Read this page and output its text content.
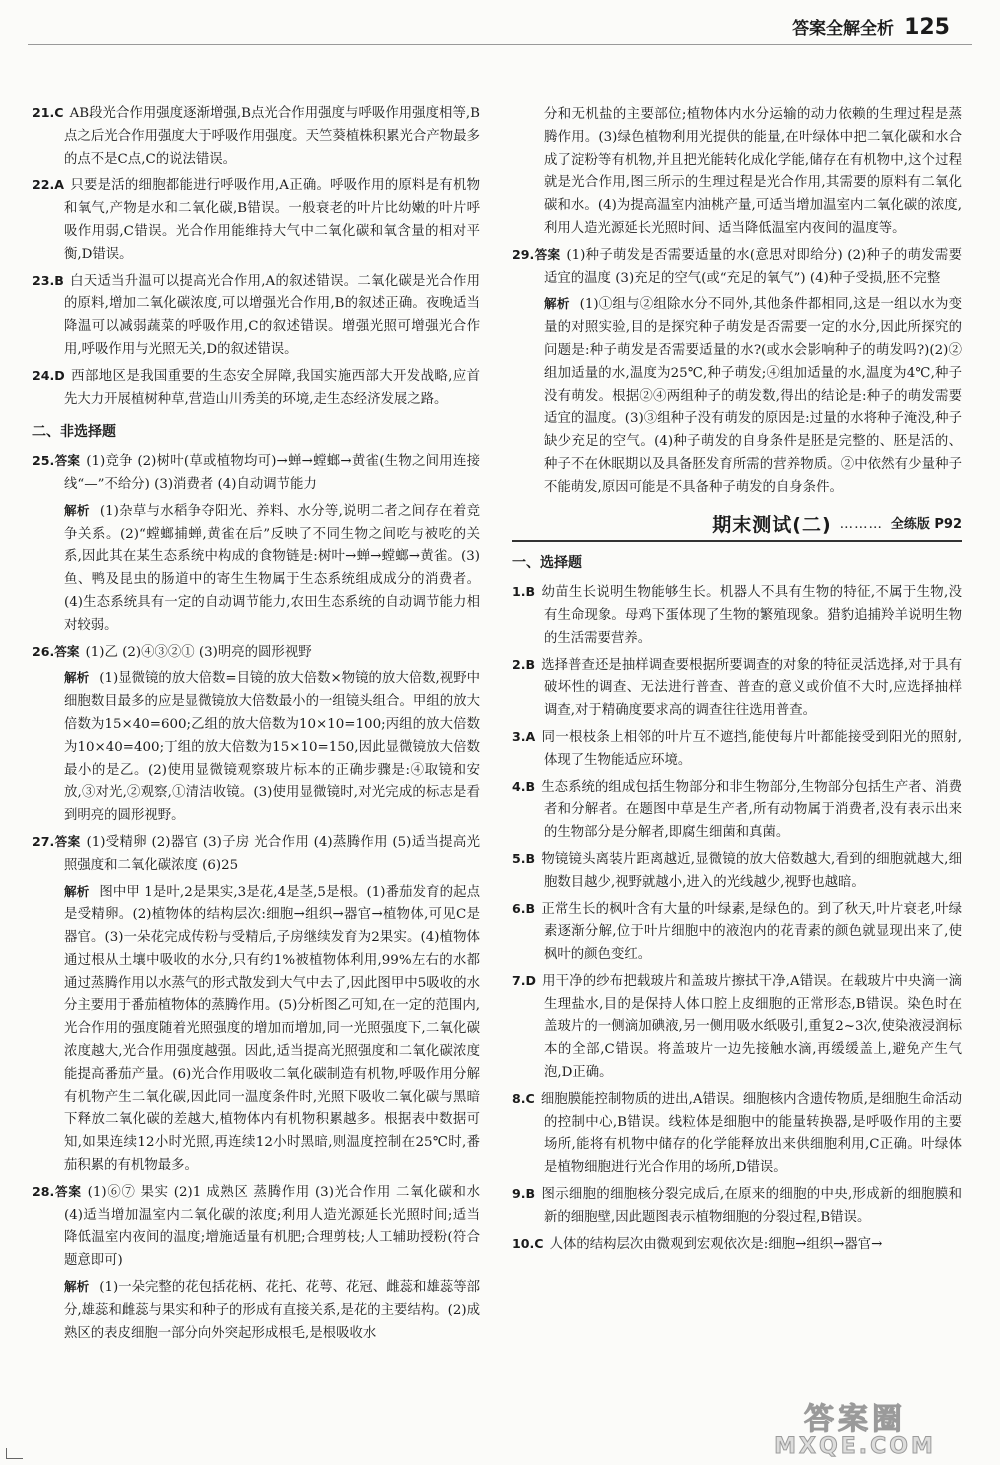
答案全解全析 125

21.C AB段光合作用强度逐渐增强,B点光合作用强度与呼吸作用强度相等,B点之后光合作用强度大于呼吸作用强度。天竺葵植株积累光合产物最多的点不是C点,C的说法错误。

22.A 只要是活的细胞都能进行呼吸作用,A正确。呼吸作用的原料是有机物和氧气,产物是水和二氧化碳,B错误。一般衰老的叶片比幼嫩的叶片呼吸作用弱,C错误。光合作用能维持大气中二氧化碳和氧含量的相对平衡,D错误。

23.B 白天适当升温可以提高光合作用,A的叙述错误。二氧化碳是光合作用的原料,增加二氧化碳浓度,可以增强光合作用,B的叙述正确。夜晚适当降温可以减弱蔬菜的呼吸作用,C的叙述错误。增强光照可增强光合作用,呼吸作用与光照无关,D的叙述错误。

24.D 西部地区是我国重要的生态安全屏障,我国实施西部大开发战略,应首先大力开展植树种草,营造山川秀美的环境,走生态经济发展之路。

二、非选择题

25.答案 (1)竞争 (2)树叶(草或植物均可)→蝉→螳螂→黄雀(生物之间用连接线“—”不给分) (3)消费者 (4)自动调节能力

解析 (1)杂草与水稻争夺阳光、养料、水分等,说明二者之间存在着竞争关系。(2)“螳螂捕蝉,黄雀在后”反映了不同生物之间吃与被吃的关系,因此其在某生态系统中构成的食物链是:树叶→蝉→螳螂→黄雀。(3)鱼、鸭及昆虫的肠道中的寄生生物属于生态系统组成成分的消费者。(4)生态系统具有一定的自动调节能力,农田生态系统的自动调节能力相对较弱。

26.答案 (1)乙 (2)④③②① (3)明亮的圆形视野

解析 (1)显微镜的放大倍数=目镜的放大倍数×物镜的放大倍数,视野中细胞数目最多的应是显微镜放大倍数最小的一组镜头组合。甲组的放大倍数为15×40=600;乙组的放大倍数为10×10=100;丙组的放大倍数为10×40=400;丁组的放大倍数为15×10=150,因此显微镜放大倍数最小的是乙。(2)使用显微镜观察玻片标本的正确步骤是:④取镜和安放,③对光,②观察,①清洁收镜。(3)使用显微镜时,对光完成的标志是看到明亮的圆形视野。

27.答案 (1)受精卵 (2)器官 (3)子房 光合作用 (4)蒸腾作用 (5)适当提高光照强度和二氧化碳浓度 (6)25

解析 图中甲 1是叶,2是果实,3是花,4是茎,5是根。(1)番茄发育的起点是受精卵。(2)植物体的结构层次:细胞→组织→器官→植物体,可见C是器官。(3)一朵花完成传粉与受精后,子房继续发育为2果实。(4)植物体通过根从土壤中吸收的水分,只有约1%被植物体利用,99%左右的水都通过蒸腾作用以水蒸气的形式散发到大气中去了,因此图甲中5吸收的水分主要用于番茄植物体的蒸腾作用。(5)分析图乙可知,在一定的范围内,光合作用的强度随着光照强度的增加而增加,同一光照强度下,二氧化碳浓度越大,光合作用强度越强。因此,适当提高光照强度和二氧化碳浓度能提高番茄产量。(6)光合作用吸收二氧化碳制造有机物,呼吸作用分解有机物产生二氧化碳,因此同一温度条件时,光照下吸收二氧化碳与黑暗下释放二氧化碳的差越大,植物体内有机物积累越多。根据表中数据可知,如果连续12小时光照,再连续12小时黑暗,则温度控制在25℃时,番茄积累的有机物最多。

28.答案 (1)⑥⑦ 果实 (2)1 成熟区 蒸腾作用 (3)光合作用 二氧化碳和水 (4)适当增加温室内二氧化碳的浓度;利用人造光源延长光照时间;适当降低温室内夜间的温度;增施适量有机肥;合理剪枝;人工辅助授粉(符合题意即可)

解析 (1)一朵完整的花包括花柄、花托、花萼、花冠、雌蕊和雄蕊等部分,雄蕊和雌蕊与果实和种子的形成有直接关系,是花的主要结构。(2)成熟区的表皮细胞一部分向外突起形成根毛,是根吸收水

分和无机盐的主要部位;植物体内水分运输的动力依赖的生理过程是蒸腾作用。(3)绿色植物利用光提供的能量,在叶绿体中把二氧化碳和水合成了淀粉等有机物,并且把光能转化成化学能,储存在有机物中,这个过程就是光合作用,图三所示的生理过程是光合作用,其需要的原料有二氧化碳和水。(4)为提高温室内油桃产量,可适当增加温室内二氧化碳的浓度,利用人造光源延长光照时间、适当降低温室内夜间的温度等。

29.答案 (1)种子萌发是否需要适量的水(意思对即给分) (2)种子的萌发需要适宜的温度 (3)充足的空气(或“充足的氧气”) (4)种子受损,胚不完整

解析 (1)①组与②组除水分不同外,其他条件都相同,这是一组以水为变量的对照实验,目的是探究种子萌发是否需要一定的水分,因此所探究的问题是:种子萌发是否需要适量的水?(或水会影响种子的萌发吗?)(2)②组加适量的水,温度为25℃,种子萌发;④组加适量的水,温度为4℃,种子没有萌发。根据②④两组种子的萌发数,得出的结论是:种子的萌发需要适宜的温度。(3)③组种子没有萌发的原因是:过量的水将种子淹没,种子缺少充足的空气。(4)种子萌发的自身条件是胚是完整的、胚是活的、种子不在休眠期以及具备胚发育所需的营养物质。②中依然有少量种子不能萌发,原因可能是不具备种子萌发的自身条件。

期末测试(二) ……… 全练版 P92
一、选择题

1.B 幼苗生长说明生物能够生长。机器人不具有生物的特征,不属于生物,没有生命现象。母鸡下蛋体现了生物的繁殖现象。猎豹追捕羚羊说明生物的生活需要营养。

2.B 选择普查还是抽样调查要根据所要调查的对象的特征灵活选择,对于具有破坏性的调查、无法进行普查、普查的意义或价值不大时,应选择抽样调查,对于精确度要求高的调查往往选用普查。

3.A 同一根枝条上相邻的叶片互不遮挡,能使每片叶都能接受到阳光的照射,体现了生物能适应环境。

4.B 生态系统的组成包括生物部分和非生物部分,生物部分包括生产者、消费者和分解者。在题图中草是生产者,所有动物属于消费者,没有表示出来的生物部分是分解者,即腐生细菌和真菌。

5.B 物镜镜头离装片距离越近,显微镜的放大倍数越大,看到的细胞就越大,细胞数目越少,视野就越小,进入的光线越少,视野也越暗。

6.B 正常生长的枫叶含有大量的叶绿素,是绿色的。到了秋天,叶片衰老,叶绿素逐渐分解,位于叶片细胞中的液泡内的花青素的颜色就显现出来了,使枫叶的颜色变红。

7.D 用干净的纱布把载玻片和盖玻片擦拭干净,A错误。在载玻片中央滴一滴生理盐水,目的是保持人体口腔上皮细胞的正常形态,B错误。染色时在盖玻片的一侧滴加碘液,另一侧用吸水纸吸引,重复2~3次,使染液浸润标本的全部,C错误。将盖玻片一边先接触水滴,再缓缓盖上,避免产生气泡,D正确。

8.C 细胞膜能控制物质的进出,A错误。细胞核内含遗传物质,是细胞生命活动的控制中心,B错误。线粒体是细胞中的能量转换器,是呼吸作用的主要场所,能将有机物中储存的化学能释放出来供细胞利用,C正确。叶绿体是植物细胞进行光合作用的场所,D错误。

9.B 图示细胞的细胞核分裂完成后,在原来的细胞的中央,形成新的细胞膜和新的细胞壁,因此题图表示植物细胞的分裂过程,B错误。

10.C 人体的结构层次由微观到宏观依次是:细胞→组织→器官→

答案圈
MXQE.COM
